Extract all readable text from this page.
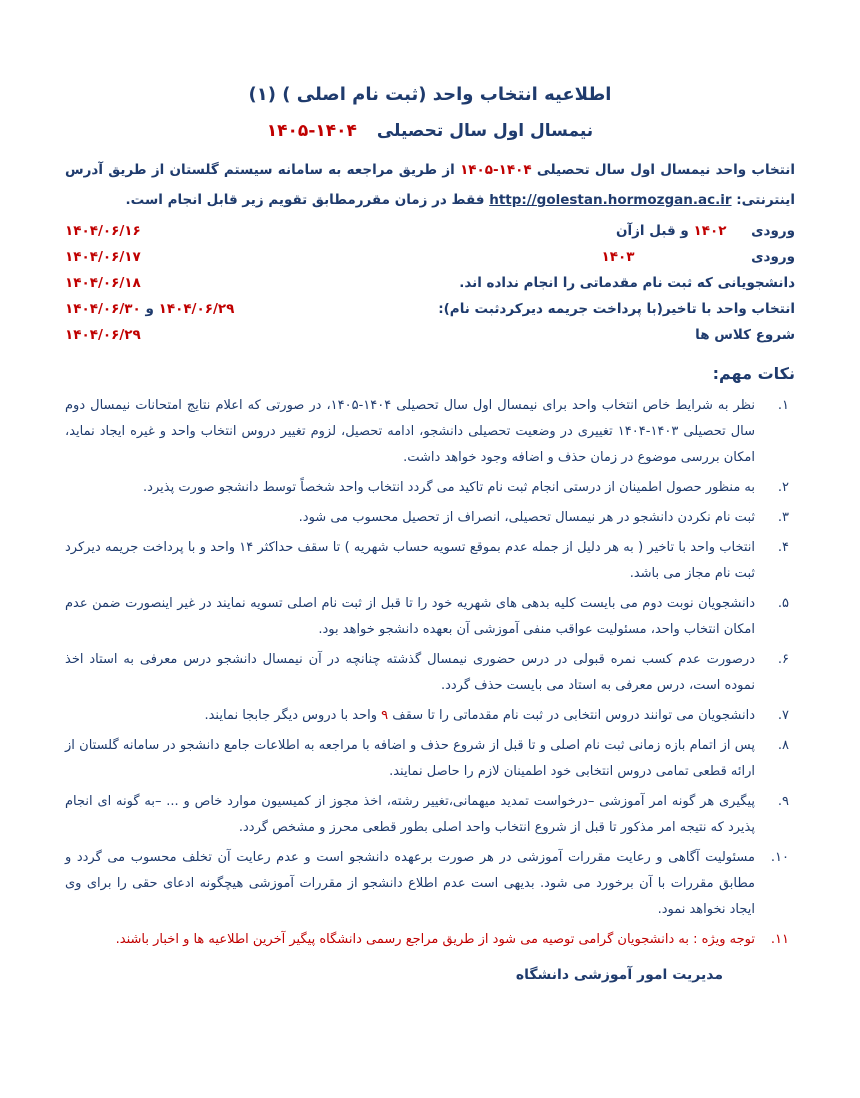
اطلاعیه انتخاب واحد (ثبت نام اصلی ) (۱)
نیمسال اول سال تحصیلی ۱۴۰۴-۱۴۰۵

انتخاب واحد نیمسال اول سال تحصیلی ۱۴۰۴-۱۴۰۵ از طریق مراجعه به سامانه سیستم گلستان از طریق آدرس اینترنتی: http://golestan.hormozgan.ac.ir فقط در زمان مقررمطابق تقویم زیر قابل انجام است.

ورودی ۱۴۰۲ و قبل ازآن
۱۴۰۴/۰۶/۱۶
ورودی ۱۴۰۳
۱۴۰۴/۰۶/۱۷
دانشجویانی که ثبت نام مقدماتی را انجام نداده اند.
۱۴۰۴/۰۶/۱۸
انتخاب واحد با تاخیر(با پرداخت جریمه دیرکردثبت نام):
۱۴۰۴/۰۶/۲۹ و ۱۴۰۴/۰۶/۳۰
شروع کلاس ها
۱۴۰۴/۰۶/۲۹
نکات مهم:
۱.
نظر به شرایط خاص انتخاب واحد برای نیمسال اول سال تحصیلی ۱۴۰۴-۱۴۰۵، در صورتی که اعلام نتایج امتحانات نیمسال دوم سال تحصیلی ۱۴۰۳-۱۴۰۴ تغییری در وضعیت تحصیلی دانشجو، ادامه تحصیل، لزوم تغییر دروس انتخاب واحد و غیره ایجاد نماید، امکان بررسی موضوع در زمان حذف و اضافه وجود خواهد داشت.
۲.
به منظور حصول اطمینان از درستی انجام ثبت نام تاکید می گردد انتخاب واحد شخصاً توسط دانشجو صورت پذیرد.
۳.
ثبت نام نکردن دانشجو در هر نیمسال تحصیلی، انصراف از تحصیل محسوب می شود.
۴.
انتخاب واحد با تاخیر ( به هر دلیل از جمله عدم بموقع تسویه حساب شهریه ) تا سقف حداکثر ۱۴ واحد و با پرداخت جریمه دیرکرد ثبت نام مجاز می باشد.
۵.
دانشجویان نوبت دوم می بایست کلیه بدهی های شهریه خود را تا قبل از ثبت نام اصلی تسویه نمایند در غیر اینصورت ضمن عدم امکان انتخاب واحد، مسئولیت عواقب منفی آموزشی آن بعهده دانشجو خواهد بود.
۶.
درصورت عدم کسب نمره قبولی در درس حضوری نیمسال گذشته چنانچه در آن نیمسال دانشجو درس معرفی به استاد اخذ نموده است، درس معرفی به استاد می بایست حذف گردد.
۷.
دانشجویان می توانند دروس انتخابی در ثبت نام مقدماتی را تا سقف ۹ واحد با دروس دیگر جابجا نمایند.
۸.
پس از اتمام بازه زمانی ثبت نام اصلی و تا قبل از شروع حذف و اضافه با مراجعه به اطلاعات جامع دانشجو در سامانه گلستان از ارائه قطعی تمامی دروس انتخابی خود اطمینان لازم را حاصل نمایند.
۹.
پیگیری هر گونه امر آموزشی –درخواست تمدید میهمانی،تغییر رشته، اخذ مجوز از کمیسیون موارد خاص و ... –به گونه ای انجام پذیرد که نتیجه امر مذکور تا قبل از شروع انتخاب واحد اصلی بطور قطعی محرز و مشخص گردد.
۱۰.
مسئولیت آگاهی و رعایت مقررات آموزشی در هر صورت برعهده دانشجو است و عدم رعایت آن تخلف محسوب می گردد و مطابق مقررات با آن برخورد می شود. بدیهی است عدم اطلاع دانشجو از مقررات آموزشی هیچگونه ادعای حقی را برای وی ایجاد نخواهد نمود.
۱۱.
توجه ویژه : به دانشجویان گرامی توصیه می شود از طریق مراجع رسمی دانشگاه پیگیر آخرین اطلاعیه ها و اخبار باشند.
مدیریت امور آموزشی دانشگاه
